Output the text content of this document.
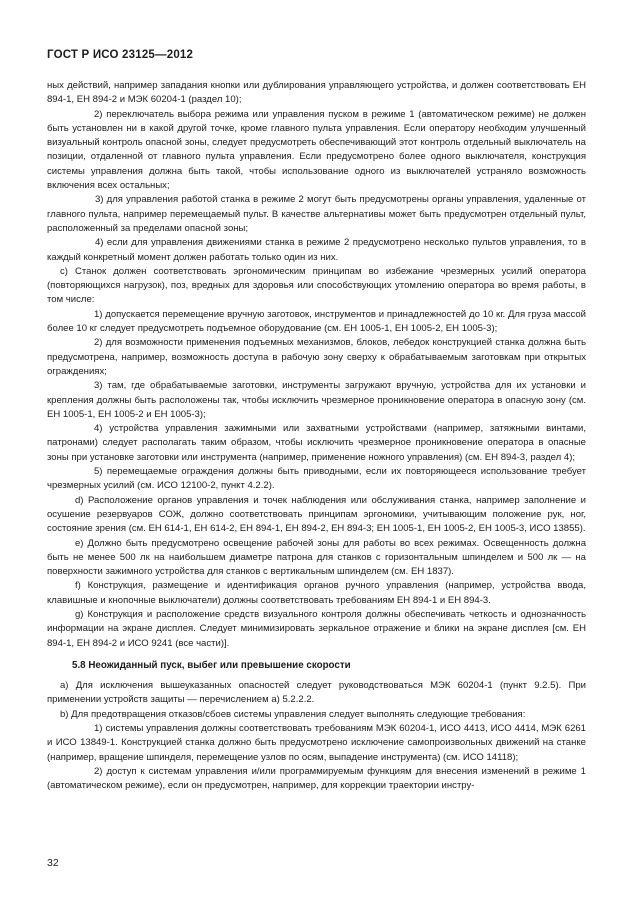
ГОСТ Р ИСО 23125—2012

ных действий, например западания кнопки или дублирования управляющего устройства, и должен соответствовать ЕН 894-1, ЕН 894-2 и МЭК 60204-1 (раздел 10);

2) переключатель выбора режима или управления пуском в режиме 1 (автоматическом режиме) не должен быть установлен ни в какой другой точке, кроме главного пульта управления. Если оператору необходим улучшенный визуальный контроль опасной зоны, следует предусмотреть обеспечивающий этот контроль отдельный выключатель на позиции, отдаленной от главного пульта управления. Если предусмотрено более одного выключателя, конструкция системы управления должна быть такой, чтобы использование одного из выключателей устраняло возможность включения всех остальных;

3) для управления работой станка в режиме 2 могут быть предусмотрены органы управления, удаленные от главного пульта, например перемещаемый пульт. В качестве альтернативы может быть предусмотрен отдельный пульт, расположенный за пределами опасной зоны;

4) если для управления движениями станка в режиме 2 предусмотрено несколько пультов управления, то в каждый конкретный момент должен работать только один из них.

с) Станок должен соответствовать эргономическим принципам во избежание чрезмерных усилий оператора (повторяющихся нагрузок), поз, вредных для здоровья или способствующих утомлению оператора во время работы, в том числе:

1) допускается перемещение вручную заготовок, инструментов и принадлежностей до 10 кг. Для груза массой более 10 кг следует предусмотреть подъемное оборудование (см. ЕН 1005-1, ЕН 1005-2, ЕН 1005-3);

2) для возможности применения подъемных механизмов, блоков, лебедок конструкцией станка должна быть предусмотрена, например, возможность доступа в рабочую зону сверху к обрабатываемым заготовкам при открытых ограждениях;

3) там, где обрабатываемые заготовки, инструменты загружают вручную, устройства для их установки и крепления должны быть расположены так, чтобы исключить чрезмерное проникновение оператора в опасную зону (см. ЕН 1005-1, ЕН 1005-2 и ЕН 1005-3);

4) устройства управления зажимными или захватными устройствами (например, затяжными винтами, патронами) следует располагать таким образом, чтобы исключить чрезмерное проникновение оператора в опасные зоны при установке заготовки или инструмента (например, применение ножного управления) (см. ЕН 894-3, раздел 4);

5) перемещаемые ограждения должны быть приводными, если их повторяющееся использование требует чрезмерных усилий (см. ИСО 12100-2, пункт 4.2.2).

d) Расположение органов управления и точек наблюдения или обслуживания станка, например заполнение и осушение резервуаров СОЖ, должно соответствовать принципам эргономики, учитывающим положение рук, ног, состояние зрения (см. ЕН 614-1, ЕН 614-2, ЕН 894-1, ЕН 894-2, ЕН 894-3; ЕН 1005-1, ЕН 1005-2, ЕН 1005-3, ИСО 13855).

е) Должно быть предусмотрено освещение рабочей зоны для работы во всех режимах. Освещенность должна быть не менее 500 лк на наибольшем диаметре патрона для станков с горизонтальным шпинделем и 500 лк — на поверхности зажимного устройства для станков с вертикальным шпинделем (см. ЕН 1837).

f) Конструкция, размещение и идентификация органов ручного управления (например, устройства ввода, клавишные и кнопочные выключатели) должны соответствовать требованиям ЕН 894-1 и ЕН 894-3.

g) Конструкция и расположение средств визуального контроля должны обеспечивать четкость и однозначность информации на экране дисплея. Следует минимизировать зеркальное отражение и блики на экране дисплея [см. ЕН 894-1, ЕН 894-2 и ИСО 9241 (все части)].

5.8 Неожиданный пуск, выбег или превышение скорости

а) Для исключения вышеуказанных опасностей следует руководствоваться МЭК 60204-1 (пункт 9.2.5). При применении устройств защиты — перечислением а) 5.2.2.2.

b) Для предотвращения отказов/сбоев системы управления следует выполнять следующие требования:

1) системы управления должны соответствовать требованиям МЭК 60204-1, ИСО 4413, ИСО 4414, МЭК 6261 и ИСО 13849-1. Конструкцией станка должно быть предусмотрено исключение самопроизвольных движений на станке (например, вращение шпинделя, перемещение узлов по осям, выпадение инструмента) (см. ИСО 14118);

2) доступ к системам управления и/или программируемым функциям для внесения изменений в режиме 1 (автоматическом режиме), если он предусмотрен, например, для коррекции траектории инстру-

32
